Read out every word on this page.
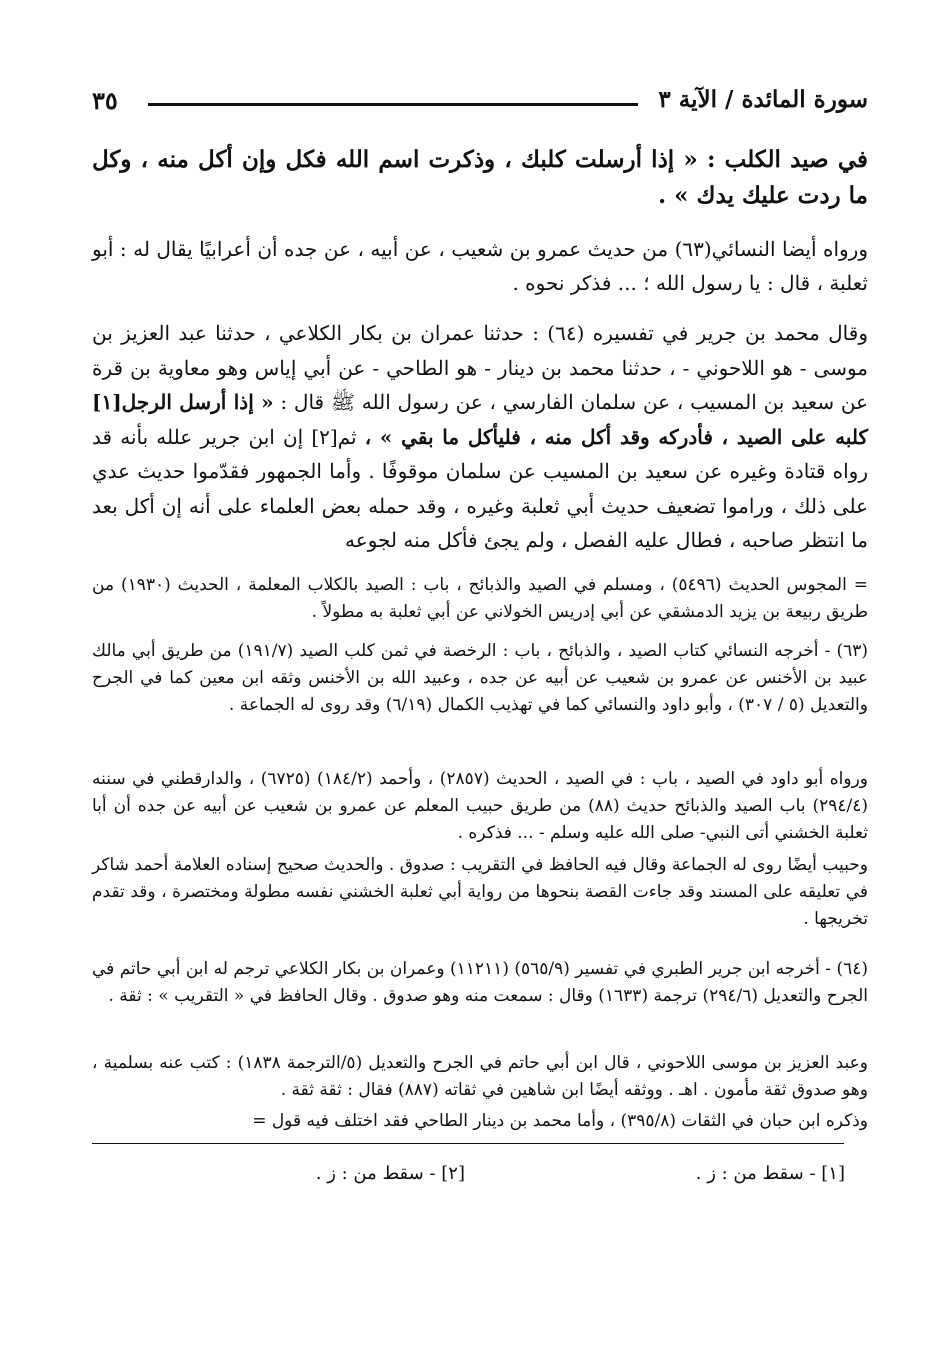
٣٥	سورة المائدة / الآية ٣

في صيد الكلب : « إذا أرسلت كلبك ، وذكرت اسم الله فكل وإن أكل منه ، وكل ما ردت عليك يدك » .

ورواه أيضا النسائي(٦٣) من حديث عمرو بن شعيب ، عن أبيه ، عن جده أن أعرابيًا يقال له : أبو ثعلبة ، قال : يا رسول الله ؛ ... فذكر نحوه .

وقال محمد بن جرير في تفسيره (٦٤) : حدثنا عمران بن بكار الكلاعي ، حدثنا عبد العزيز بن موسى - هو اللاحوني - ، حدثنا محمد بن دينار - هو الطاحي - عن أبي إياس وهو معاوية بن قرة عن سعيد بن المسيب ، عن سلمان الفارسي ، عن رسول الله ﷺ قال : « إذا أرسل الرجل[١] كلبه على الصيد ، فأدركه وقد أكل منه ، فليأكل ما بقي » ، ثم[٢] إن ابن جرير علله بأنه قد رواه قتادة وغيره عن سعيد بن المسيب عن سلمان موقوفًا . وأما الجمهور فقدّموا حديث عدي على ذلك ، وراموا تضعيف حديث أبي ثعلبة وغيره ، وقد حمله بعض العلماء على أنه إن أكل بعد ما انتظر صاحبه ، فطال عليه الفصل ، ولم يجئ فأكل منه لجوعه

= المجوس الحديث (٥٤٩٦) ، ومسلم في الصيد والذبائح ، باب : الصيد بالكلاب المعلمة ، الحديث (١٩٣٠) من طريق ربيعة بن يزيد الدمشقي عن أبي إدريس الخولاني عن أبي ثعلبة به مطولاً .

(٦٣) - أخرجه النسائي كتاب الصيد ، والذبائح ، باب : الرخصة في ثمن كلب الصيد (١٩١/٧) من طريق أبي مالك عبيد بن الأخنس عن عمرو بن شعيب عن أبيه عن جده ، وعبيد الله بن الأخنس وثقه ابن معين كما في الجرح والتعديل (٥ / ٣٠٧) ، وأبو داود والنسائي كما في تهذيب الكمال (٦/١٩) وقد روى له الجماعة .

ورواه أبو داود في الصيد ، باب : في الصيد ، الحديث (٢٨٥٧) ، وأحمد (١٨٤/٢) (٦٧٢٥) ، والدارقطني في سننه (٢٩٤/٤) باب الصيد والذبائح حديث (٨٨) من طريق حبيب المعلم عن عمرو بن شعيب عن أبيه عن جده أن أبا ثعلبة الخشني أتى النبي- صلى الله عليه وسلم - ... فذكره .

وحبيب أيضًا روى له الجماعة وقال فيه الحافظ في التقريب : صدوق . والحديث صحيح إسناده العلامة أحمد شاكر في تعليقه على المسند وقد جاءت القصة بنحوها من رواية أبي ثعلبة الخشني نفسه مطولة ومختصرة ، وقد تقدم تخريجها .

(٦٤) - أخرجه ابن جرير الطبري في تفسير (٥٦٥/٩) (١١٢١١) وعمران بن بكار الكلاعي ترجم له ابن أبي حاتم في الجرح والتعديل (٢٩٤/٦) ترجمة (١٦٣٣) وقال : سمعت منه وهو صدوق . وقال الحافظ في « التقريب » : ثقة .

وعبد العزيز بن موسى اللاحوني ، قال ابن أبي حاتم في الجرح والتعديل (٥/الترجمة ١٨٣٨) : كتب عنه بسلمية ، وهو صدوق ثقة مأمون . اهـ . ووثقه أيضًا ابن شاهين في ثقاته (٨٨٧) فقال : ثقة ثقة .

وذكره ابن حبان في الثقات (٣٩٥/٨) ، وأما محمد بن دينار الطاحي فقد اختلف فيه قول =

[١] - سقط من : ز .
[٢] - سقط من : ز .
